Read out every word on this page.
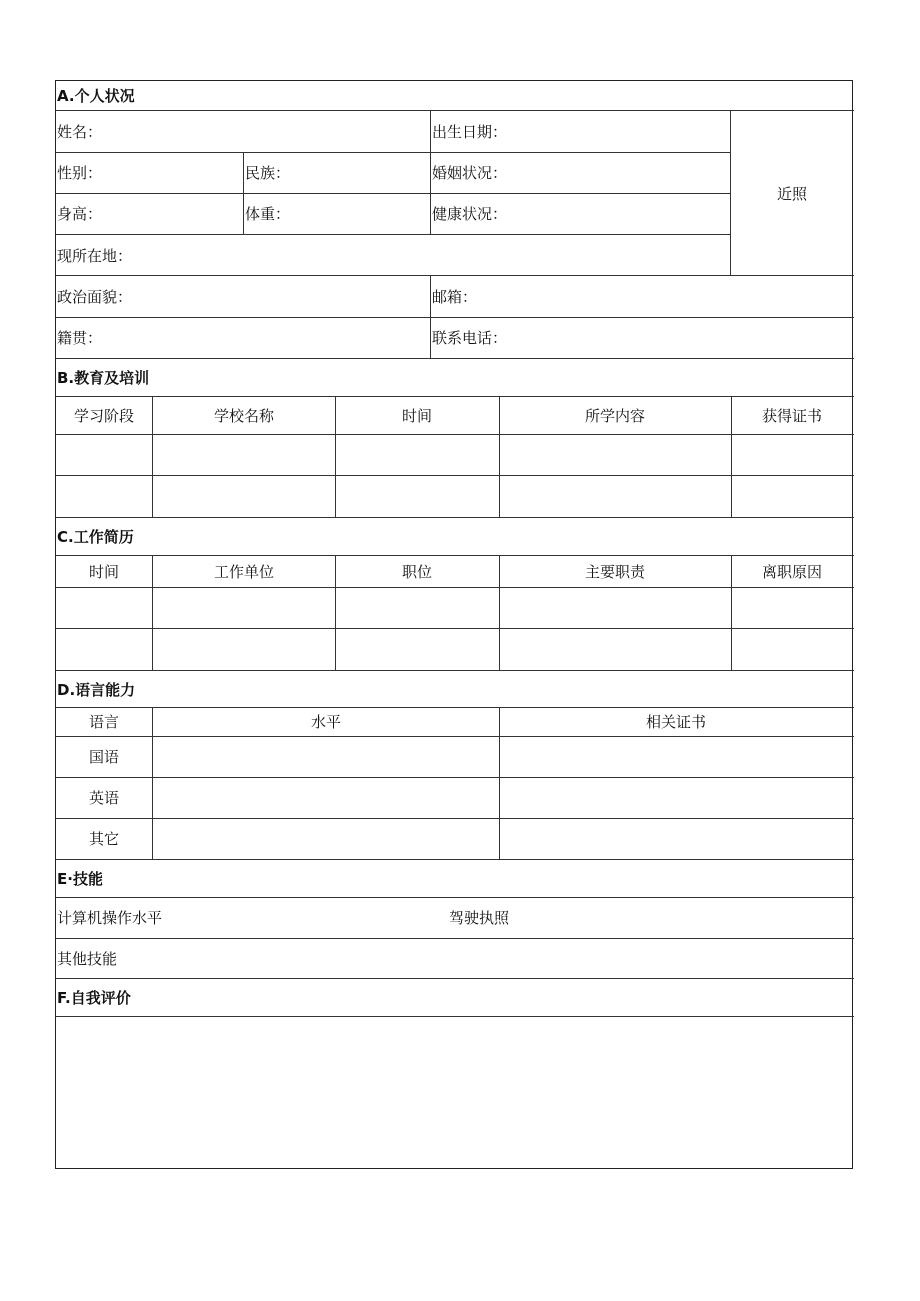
A.个人状况
姓名：	出生日期：
性别：	民族：	婚姻状况：
身高：	体重：	健康状况：
现所在地：
近照
政治面貌：	邮箱：
籍贯：	联系电话：
B.教育及培训
学习阶段	学校名称	时间	所学内容	获得证书
C.工作简历
时间	工作单位	职位	主要职责	离职原因
D.语言能力
语言	水平	相关证书
国语
英语
其它
E·技能
计算机操作水平	驾驶执照
其他技能
F.自我评价
